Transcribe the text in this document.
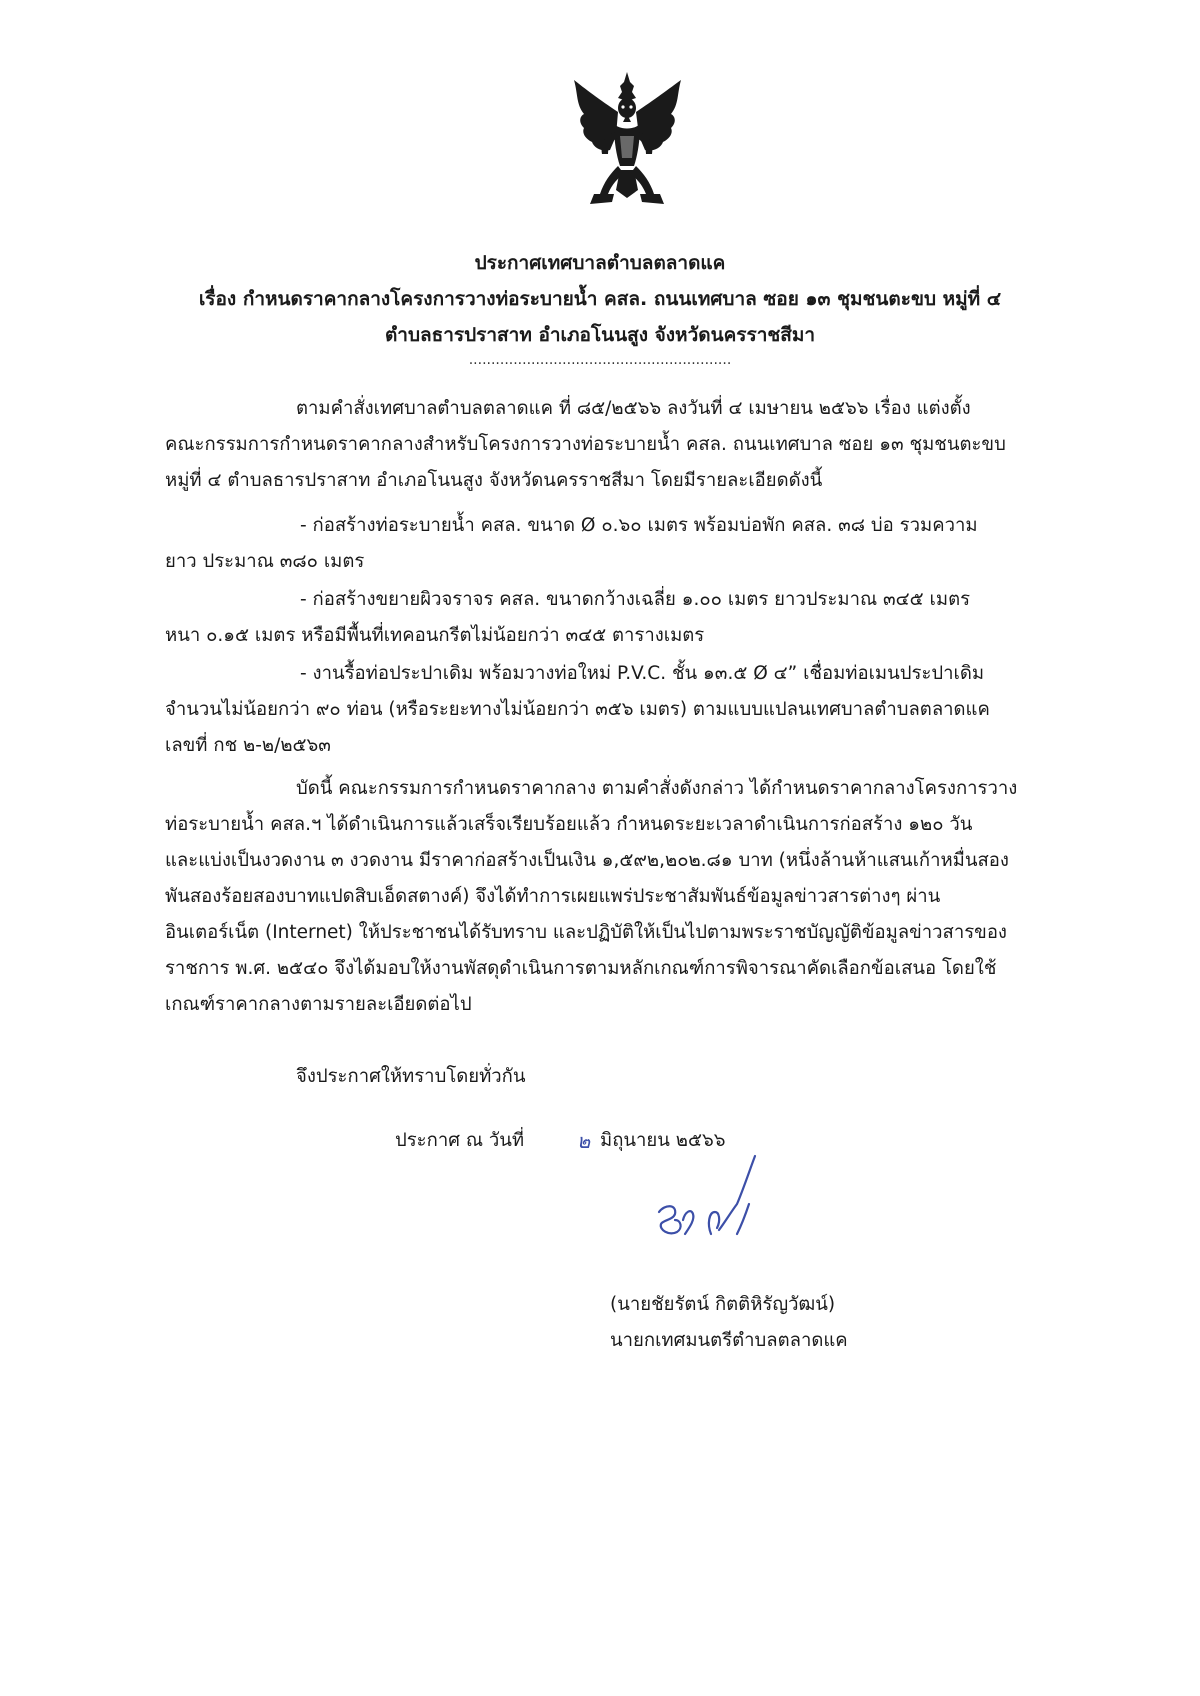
ประกาศเทศบาลตำบลตลาดแค
เรื่อง กำหนดราคากลางโครงการวางท่อระบายน้ำ คสล. ถนนเทศบาล ซอย ๑๓ ชุมชนตะขบ หมู่ที่ ๔
ตำบลธารปราสาท อำเภอโนนสูง จังหวัดนครราชสีมา
...........................................................
ตามคำสั่งเทศบาลตำบลตลาดแค ที่ ๘๕/๒๕๖๖ ลงวันที่ ๔ เมษายน ๒๕๖๖ เรื่อง แต่งตั้ง
คณะกรรมการกำหนดราคากลางสำหรับโครงการวางท่อระบายน้ำ คสล. ถนนเทศบาล ซอย ๑๓ ชุมชนตะขบ
หมู่ที่ ๔ ตำบลธารปราสาท อำเภอโนนสูง จังหวัดนครราชสีมา โดยมีรายละเอียดดังนี้
- ก่อสร้างท่อระบายน้ำ คสล. ขนาด Ø ๐.๖๐ เมตร พร้อมบ่อพัก คสล. ๓๘ บ่อ รวมความ
ยาว ประมาณ ๓๘๐ เมตร
- ก่อสร้างขยายผิวจราจร คสล. ขนาดกว้างเฉลี่ย ๑.๐๐ เมตร ยาวประมาณ ๓๔๕ เมตร
หนา ๐.๑๕ เมตร หรือมีพื้นที่เทคอนกรีตไม่น้อยกว่า ๓๔๕ ตารางเมตร
- งานรื้อท่อประปาเดิม พร้อมวางท่อใหม่ P.V.C. ชั้น ๑๓.๕ Ø ๔” เชื่อมท่อเมนประปาเดิม
จำนวนไม่น้อยกว่า ๙๐ ท่อน (หรือระยะทางไม่น้อยกว่า ๓๕๖ เมตร) ตามแบบแปลนเทศบาลตำบลตลาดแค
เลขที่ กช ๒-๒/๒๕๖๓
บัดนี้ คณะกรรมการกำหนดราคากลาง ตามคำสั่งดังกล่าว ได้กำหนดราคากลางโครงการวาง
ท่อระบายน้ำ คสล.ฯ ได้ดำเนินการแล้วเสร็จเรียบร้อยแล้ว กำหนดระยะเวลาดำเนินการก่อสร้าง ๑๒๐ วัน
และแบ่งเป็นงวดงาน ๓ งวดงาน มีราคาก่อสร้างเป็นเงิน ๑,๕๙๒,๒๐๒.๘๑ บาท (หนึ่งล้านห้าแสนเก้าหมื่นสอง
พันสองร้อยสองบาทแปดสิบเอ็ดสตางค์) จึงได้ทำการเผยแพร่ประชาสัมพันธ์ข้อมูลข่าวสารต่างๆ ผ่าน
อินเตอร์เน็ต (Internet) ให้ประชาชนได้รับทราบ และปฏิบัติให้เป็นไปตามพระราชบัญญัติข้อมูลข่าวสารของ
ราชการ พ.ศ. ๒๕๔๐ จึงได้มอบให้งานพัสดุดำเนินการตามหลักเกณฑ์การพิจารณาคัดเลือกข้อเสนอ โดยใช้
เกณฑ์ราคากลางตามรายละเอียดต่อไป
จึงประกาศให้ทราบโดยทั่วกัน
ประกาศ ณ วันที่	๒ มิถุนายน ๒๕๖๖
(นายชัยรัตน์ กิตติหิรัญวัฒน์)
นายกเทศมนตรีตำบลตลาดแค
